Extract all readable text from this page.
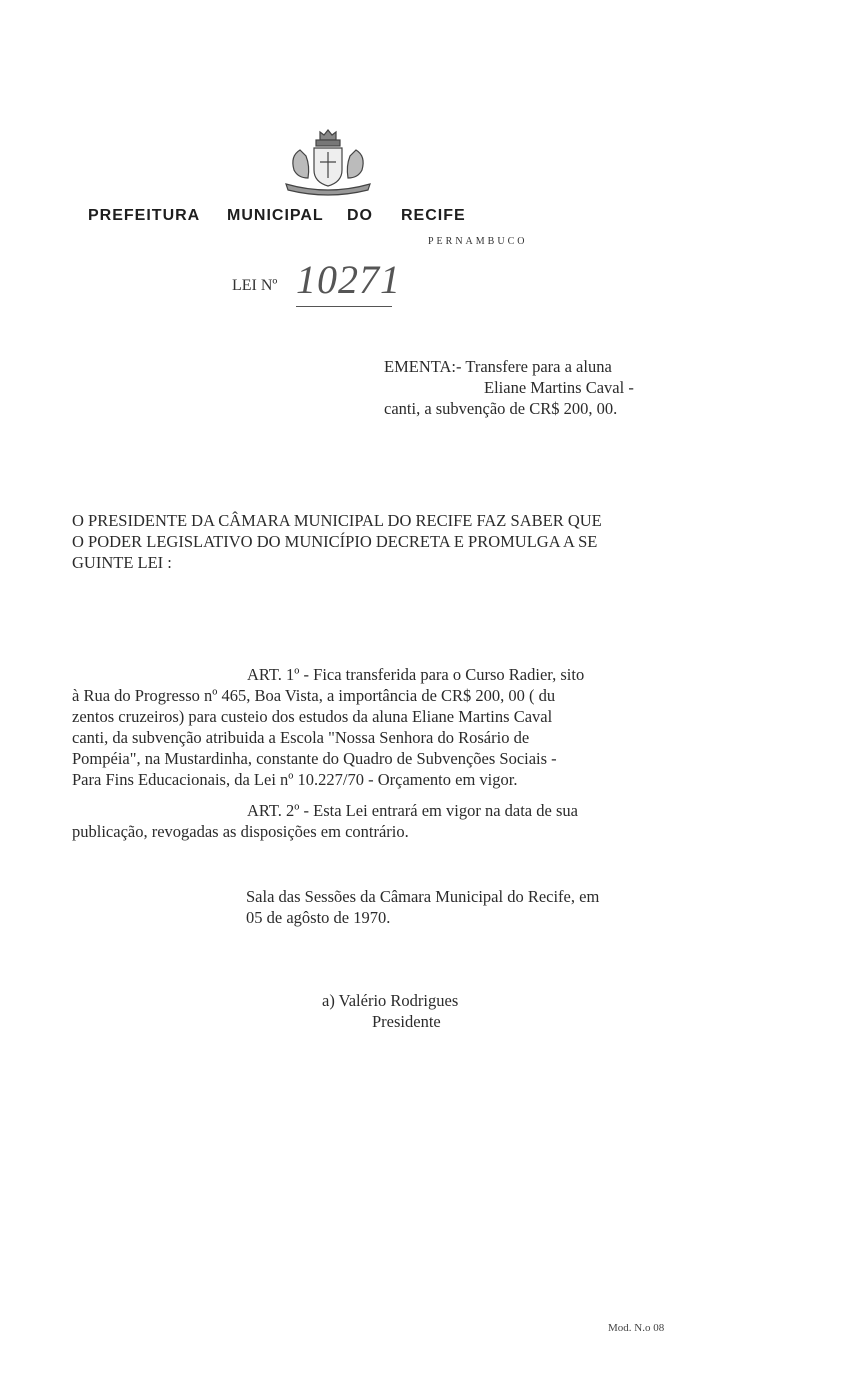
PREFEITURA MUNICIPAL DO RECIFE
PERNAMBUCO
LEI Nº 10271
EMENTA:- Transfere para a aluna
Eliane Martins Caval -
canti, a subvenção de CR$ 200, 00.
O PRESIDENTE DA CÂMARA MUNICIPAL DO RECIFE FAZ SABER QUE
O PODER LEGISLATIVO DO MUNICÍPIO DECRETA E PROMULGA A SE
GUINTE LEI :
ART. 1º - Fica transferida para o Curso Radier, sito
à Rua do Progresso nº 465, Boa Vista, a importância de CR$ 200, 00 ( du
zentos cruzeiros) para custeio dos estudos da aluna Eliane Martins Caval
canti, da subvenção atribuida a Escola "Nossa Senhora do Rosário de
Pompéia", na Mustardinha, constante do Quadro de Subvenções Sociais -
Para Fins Educacionais, da Lei nº 10.227/70 - Orçamento em vigor.
ART. 2º - Esta Lei entrará em vigor na data de sua
publicação, revogadas as disposições em contrário.
Sala das Sessões da Câmara Municipal do Recife, em
05 de agôsto de 1970.
a) Valério Rodrigues
Presidente
Mod. N.o 08
